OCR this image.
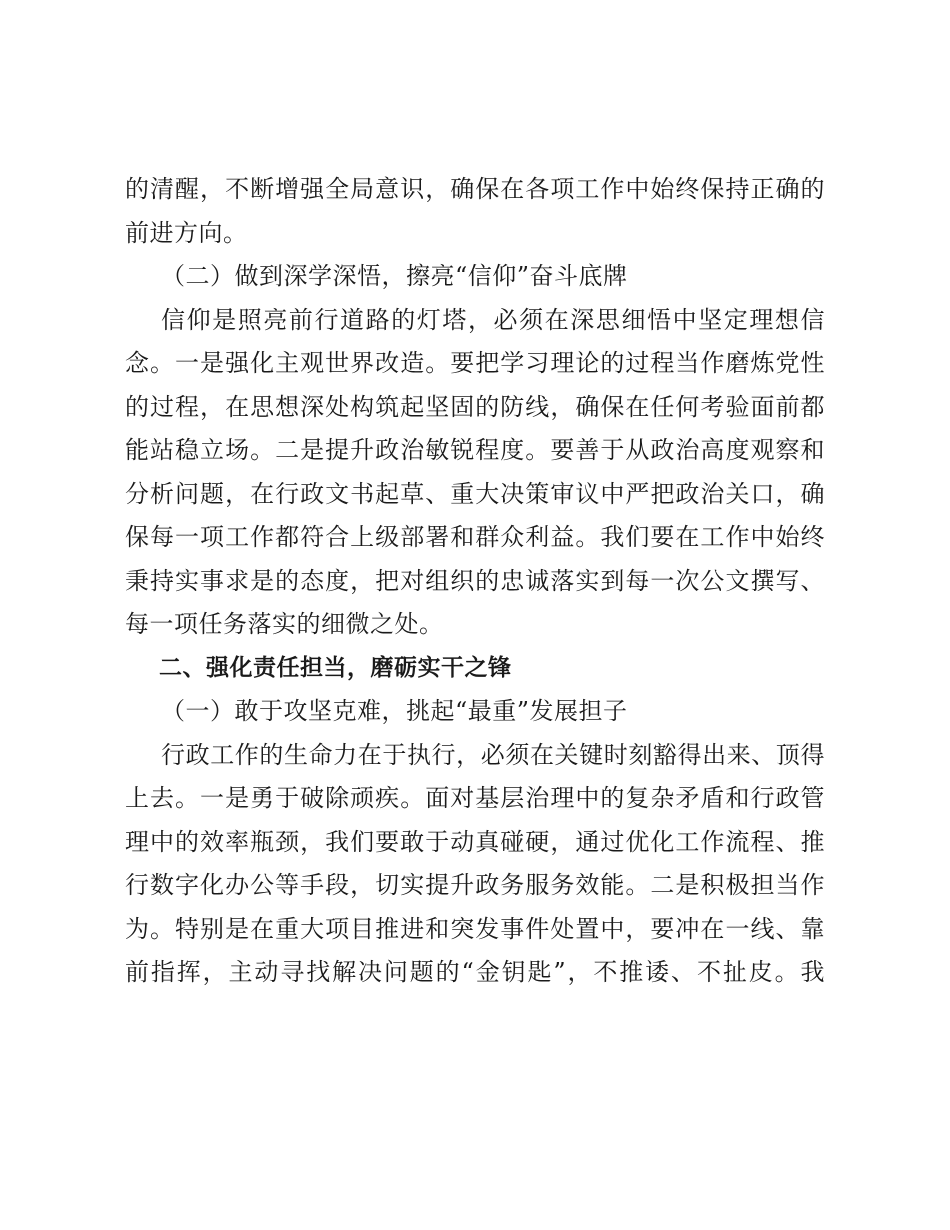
的清醒，不断增强全局意识，确保在各项工作中始终保持正确的
前进方向。
（二）做到深学深悟，擦亮“信仰”奋斗底牌
信仰是照亮前行道路的灯塔，必须在深思细悟中坚定理想信
念。一是强化主观世界改造。要把学习理论的过程当作磨炼党性
的过程，在思想深处构筑起坚固的防线，确保在任何考验面前都
能站稳立场。二是提升政治敏锐程度。要善于从政治高度观察和
分析问题，在行政文书起草、重大决策审议中严把政治关口，确
保每一项工作都符合上级部署和群众利益。我们要在工作中始终
秉持实事求是的态度，把对组织的忠诚落实到每一次公文撰写、
每一项任务落实的细微之处。
二、强化责任担当，磨砺实干之锋
（一）敢于攻坚克难，挑起“最重”发展担子
行政工作的生命力在于执行，必须在关键时刻豁得出来、顶得
上去。一是勇于破除顽疾。面对基层治理中的复杂矛盾和行政管
理中的效率瓶颈，我们要敢于动真碰硬，通过优化工作流程、推
行数字化办公等手段，切实提升政务服务效能。二是积极担当作
为。特别是在重大项目推进和突发事件处置中，要冲在一线、靠
前指挥，主动寻找解决问题的“金钥匙”，不推诿、不扯皮。我
